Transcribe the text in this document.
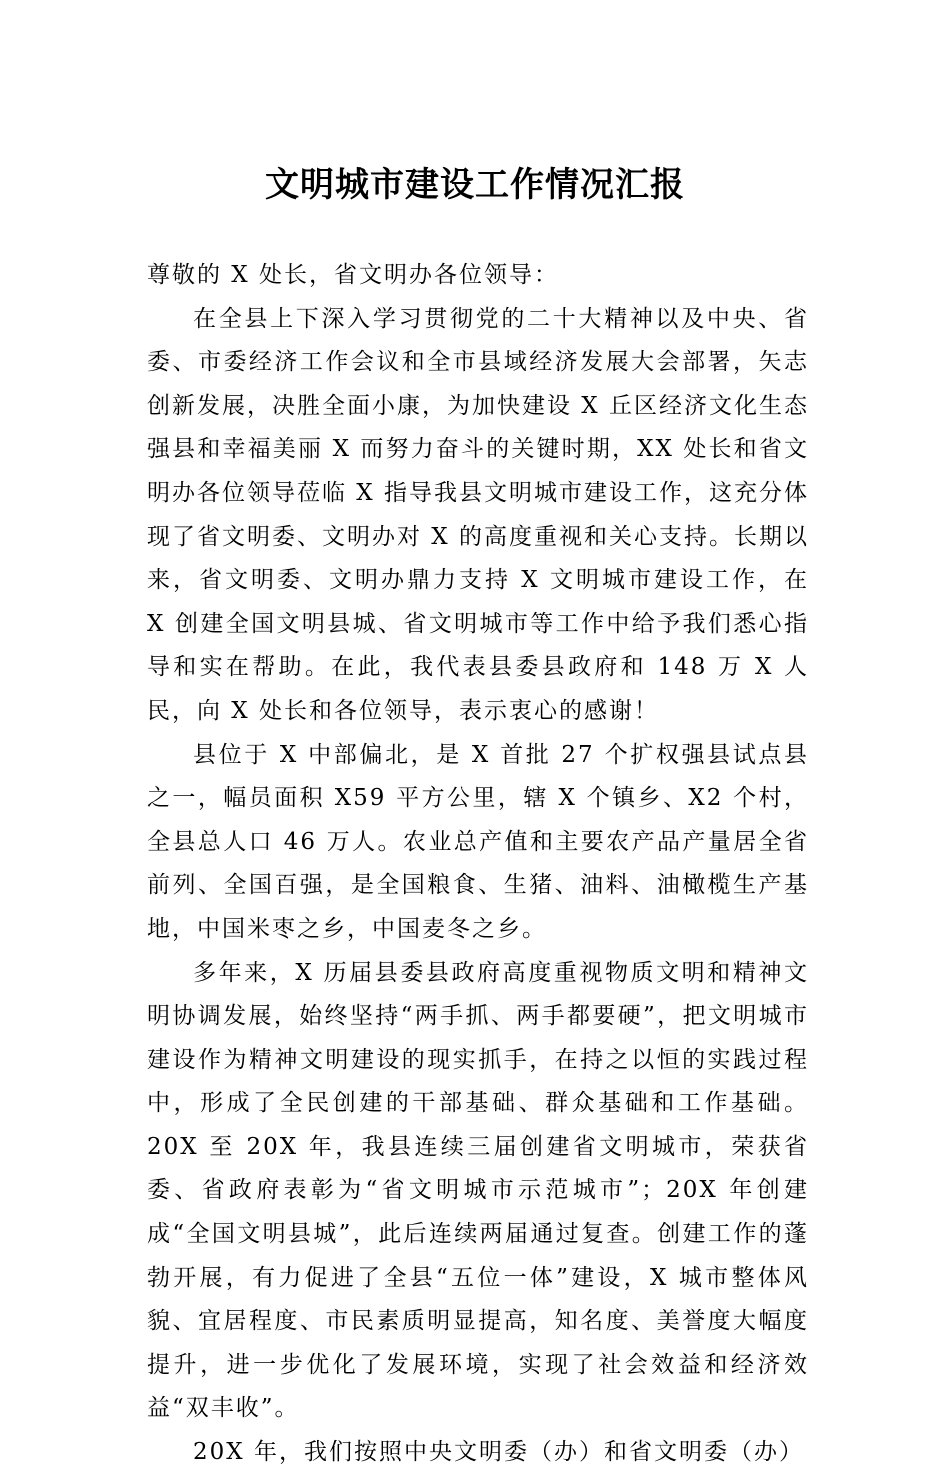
文明城市建设工作情况汇报

尊敬的 X 处长，省文明办各位领导：

在全县上下深入学习贯彻党的二十大精神以及中央、省委、市委经济工作会议和全市县域经济发展大会部署，矢志创新发展，决胜全面小康，为加快建设 X 丘区经济文化生态强县和幸福美丽 X 而努力奋斗的关键时期，XX 处长和省文明办各位领导莅临 X 指导我县文明城市建设工作，这充分体现了省文明委、文明办对 X 的高度重视和关心支持。长期以来，省文明委、文明办鼎力支持 X 文明城市建设工作，在 X 创建全国文明县城、省文明城市等工作中给予我们悉心指导和实在帮助。在此，我代表县委县政府和 148 万 X 人民，向 X 处长和各位领导，表示衷心的感谢！

县位于 X 中部偏北，是 X 首批 27 个扩权强县试点县之一，幅员面积 X59 平方公里，辖 X 个镇乡、X2 个村，全县总人口 46 万人。农业总产值和主要农产品产量居全省前列、全国百强，是全国粮食、生猪、油料、油橄榄生产基地，中国米枣之乡，中国麦冬之乡。

多年来，X 历届县委县政府高度重视物质文明和精神文明协调发展，始终坚持“两手抓、两手都要硬”，把文明城市建设作为精神文明建设的现实抓手，在持之以恒的实践过程中，形成了全民创建的干部基础、群众基础和工作基础。20X 至 20X 年，我县连续三届创建省文明城市，荣获省委、省政府表彰为“省文明城市示范城市”；20X 年创建成“全国文明县城”，此后连续两届通过复查。创建工作的蓬勃开展，有力促进了全县“五位一体”建设，X 城市整体风貌、宜居程度、市民素质明显提高，知名度、美誉度大幅度提升，进一步优化了发展环境，实现了社会效益和经济效益“双丰收”。

20X 年，我们按照中央文明委（办）和省文明委（办）
